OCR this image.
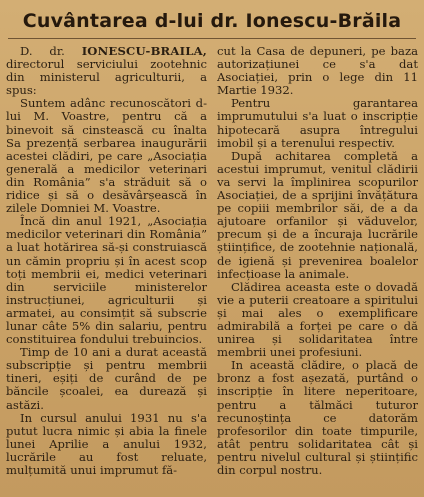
Cuvântarea d-lui dr. Ionescu-Brăila

D. dr. IONESCU-BRAILA, directorul serviciului zootehnic din ministerul agriculturii, a spus:

Suntem adânc recunoscători d-lui M. Voastre, pentru că a binevoit să cinstească cu înalta Sa prezență serbarea inaugurării acestei clădiri, pe care „Asociația generală a medicilor veterinari din România” s'a străduit să o ridice și să o desăvârșească în zilele Domniei M. Voastre.

Încă din anul 1921, „Asociația medicilor veterinari din România” a luat hotărirea să-și construiască un cămin propriu și în acest scop toți membrii ei, medici veterinari din serviciile ministerelor instrucțiunei, agriculturii și armatei, au consimțit să subscrie lunar câte 5% din salariu, pentru constituirea fondului trebuincios.

Timp de 10 ani a durat această subscripție și pentru membrii tineri, eșiți de curând de pe băncile școalei, ea durează și astăzi.

In cursul anului 1931 nu s'a putut lucra nimic și abia la finele lunei Aprilie a anului 1932, lucrările au fost reluate, mulțumită unui imprumut fă-

cut la Casa de depuneri, pe baza autorizațiunei ce s'a dat Asociației, prin o lege din 11 Martie 1932.

Pentru garantarea imprumutului s'a luat o inscripție hipotecară asupra întregului imobil și a terenului respectiv.

După achitarea completă a acestui imprumut, venitul clădirii va servi la împlinirea scopurilor Asociației, de a sprijini învățătura pe copiii membrilor săi, de a da ajutoare orfanilor și văduvelor, precum și de a încuraja lucrările științifice, de zootehnie națională, de igienă și prevenirea boalelor infecțioase la animale.

Clădirea aceasta este o dovadă vie a puterii creatoare a spiritului și mai ales o exemplificare admirabilă a forței pe care o dă unirea și solidaritatea între membrii unei profesiuni.

In această clădire, o placă de bronz a fost așezată, purtând o inscripție în litere neperitoare, pentru a tălmăci tuturor recunoștința ce datorăm profesorilor din toate timpurile, atât pentru solidaritatea cât și pentru nivelul cultural și științific din corpul nostru.
